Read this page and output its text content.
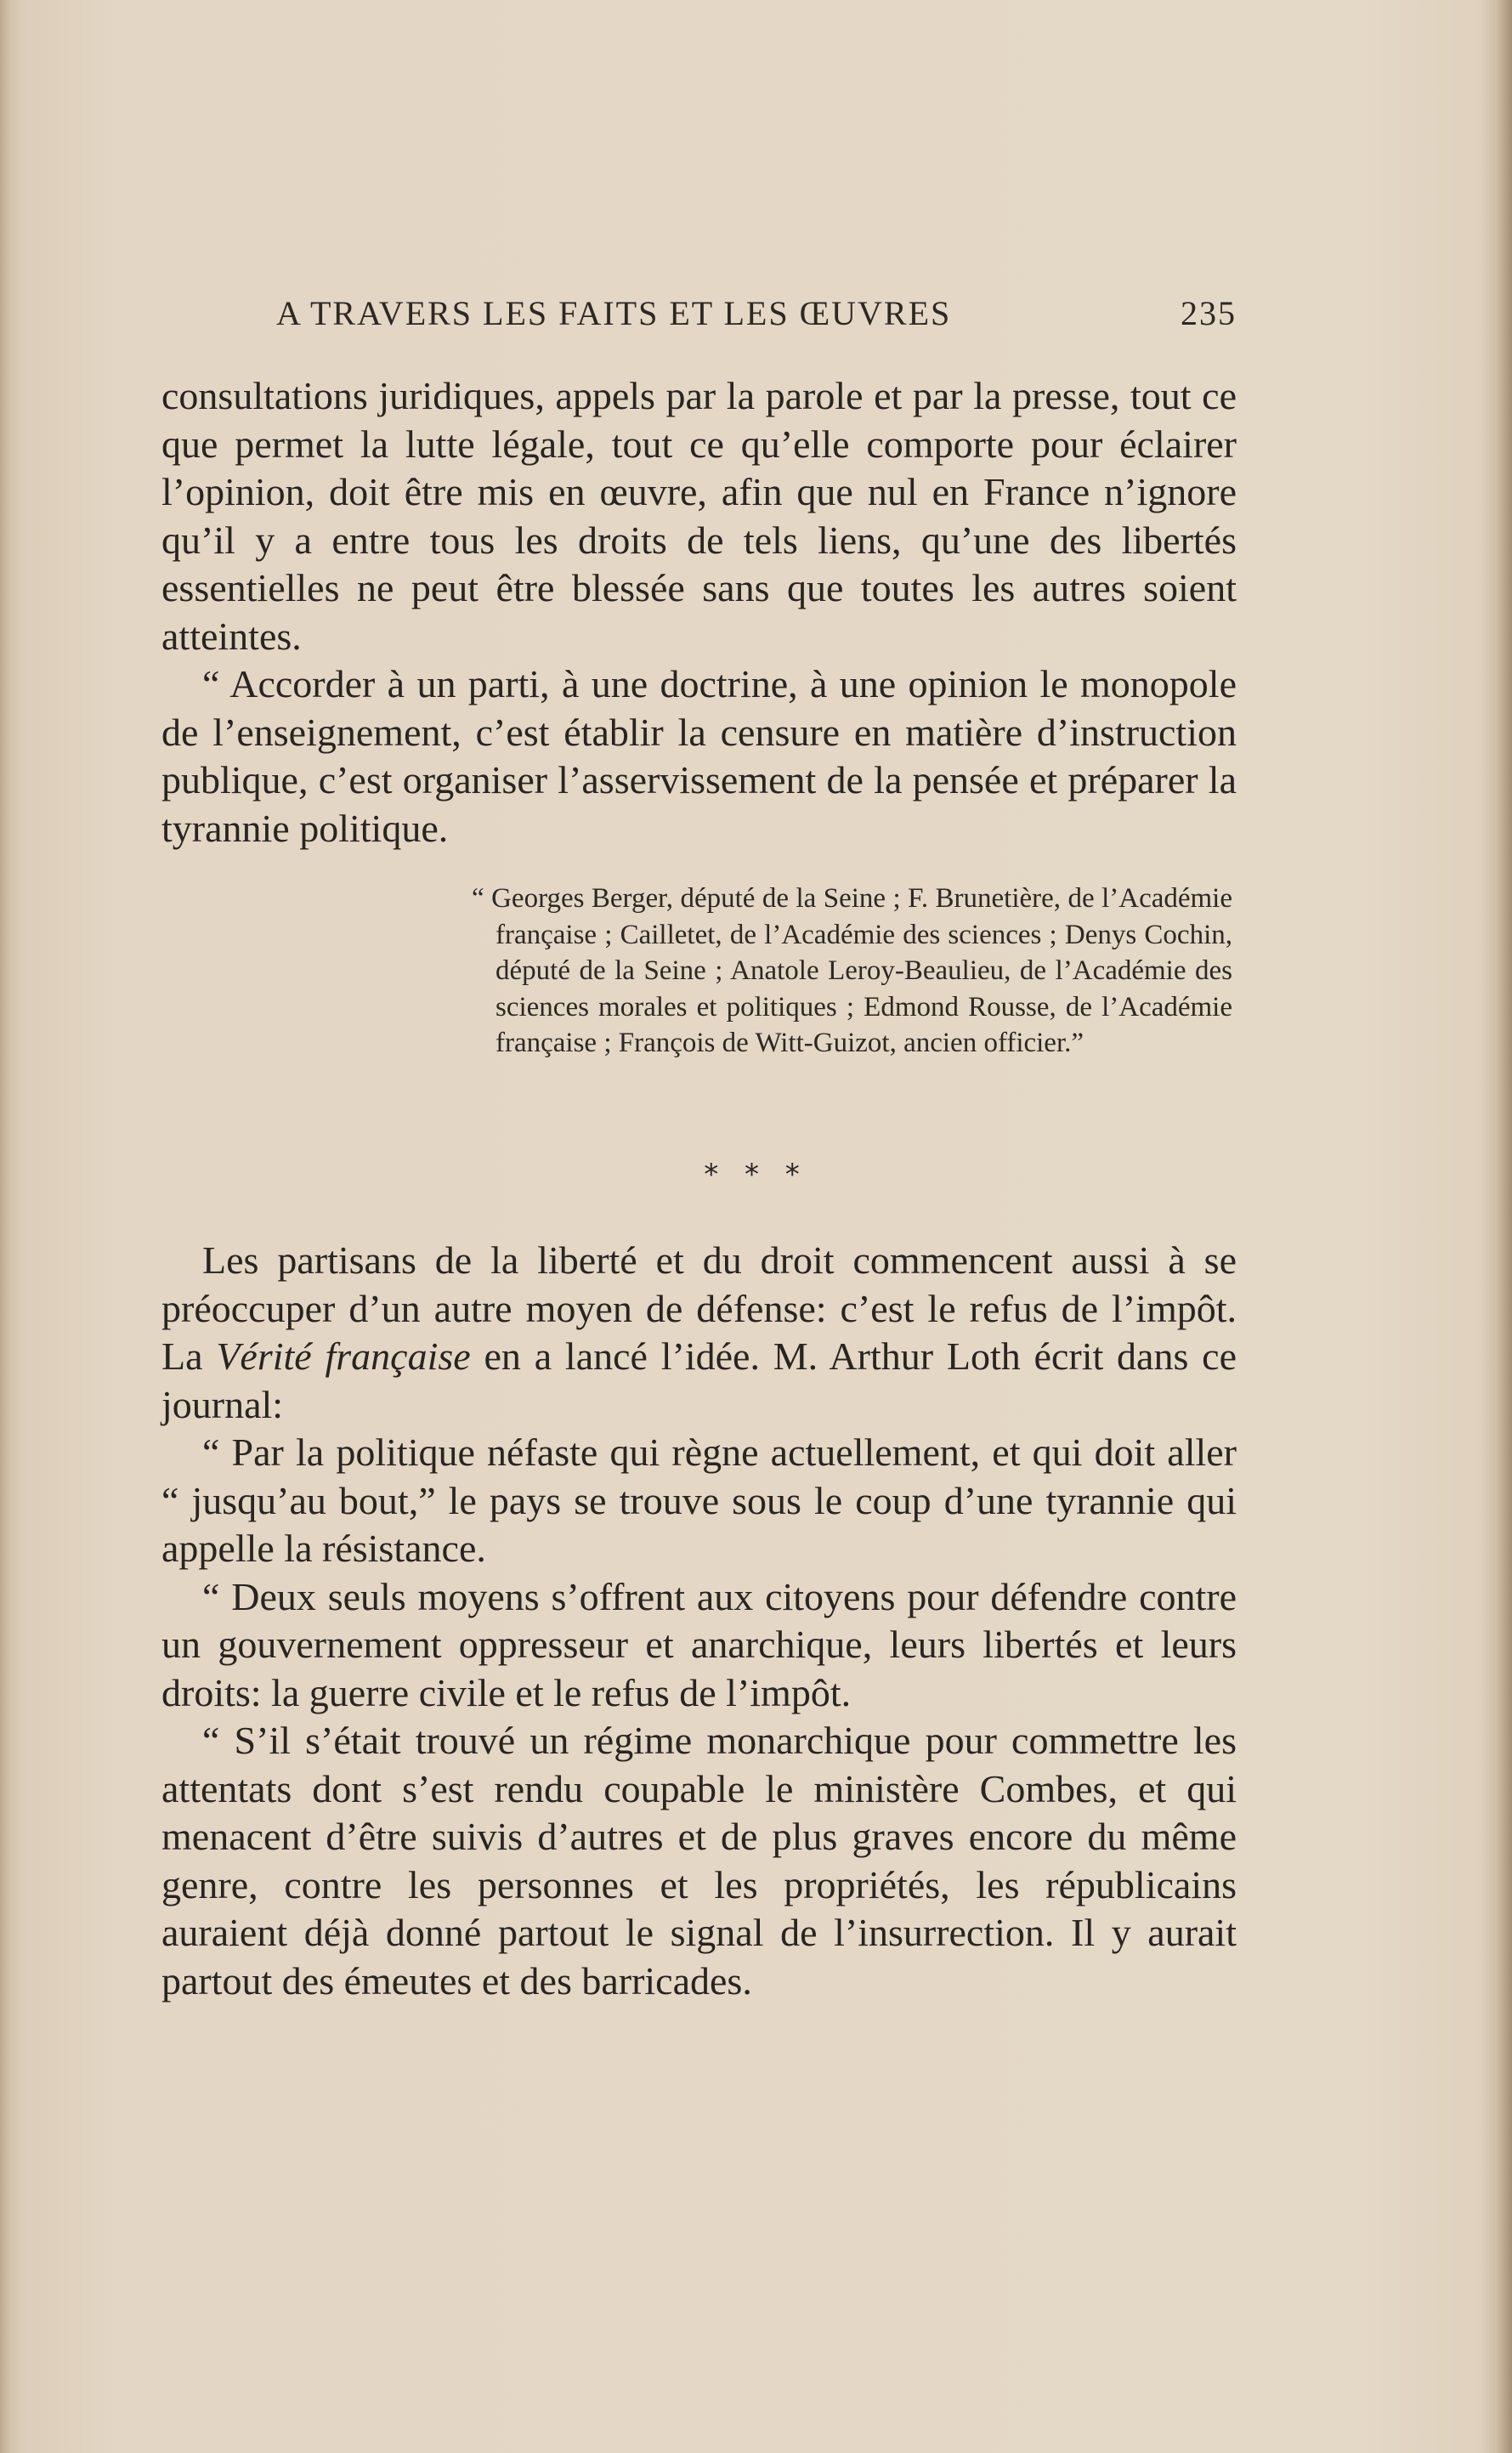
A TRAVERS LES FAITS ET LES ŒUVRES	235

consultations juridiques, appels par la parole et par la presse, tout ce que permet la lutte légale, tout ce qu’elle comporte pour éclairer l’opinion, doit être mis en œuvre, afin que nul en France n’ignore qu’il y a entre tous les droits de tels liens, qu’une des libertés essentielles ne peut être blessée sans que toutes les autres soient atteintes.

“ Accorder à un parti, à une doctrine, à une opinion le monopole de l’enseignement, c’est établir la censure en matière d’instruction publique, c’est organiser l’asservissement de la pensée et préparer la tyrannie politique.

“ Georges Berger, député de la Seine ; F. Brunetière, de l’Académie française ; Cailletet, de l’Académie des sciences ; Denys Cochin, député de la Seine ; Anatole Leroy-Beaulieu, de l’Académie des sciences morales et politiques ; Edmond Rousse, de l’Académie française ; François de Witt-Guizot, ancien officier.”

* * *

Les partisans de la liberté et du droit commencent aussi à se préoccuper d’un autre moyen de défense: c’est le refus de l’impôt. La Vérité française en a lancé l’idée. M. Arthur Loth écrit dans ce journal:

“ Par la politique néfaste qui règne actuellement, et qui doit aller “ jusqu’au bout,” le pays se trouve sous le coup d’une tyrannie qui appelle la résistance.

“ Deux seuls moyens s’offrent aux citoyens pour défendre contre un gouvernement oppresseur et anarchique, leurs libertés et leurs droits: la guerre civile et le refus de l’impôt.

“ S’il s’était trouvé un régime monarchique pour commettre les attentats dont s’est rendu coupable le ministère Combes, et qui menacent d’être suivis d’autres et de plus graves encore du même genre, contre les personnes et les propriétés, les républicains auraient déjà donné partout le signal de l’insurrection. Il y aurait partout des émeutes et des barricades.
